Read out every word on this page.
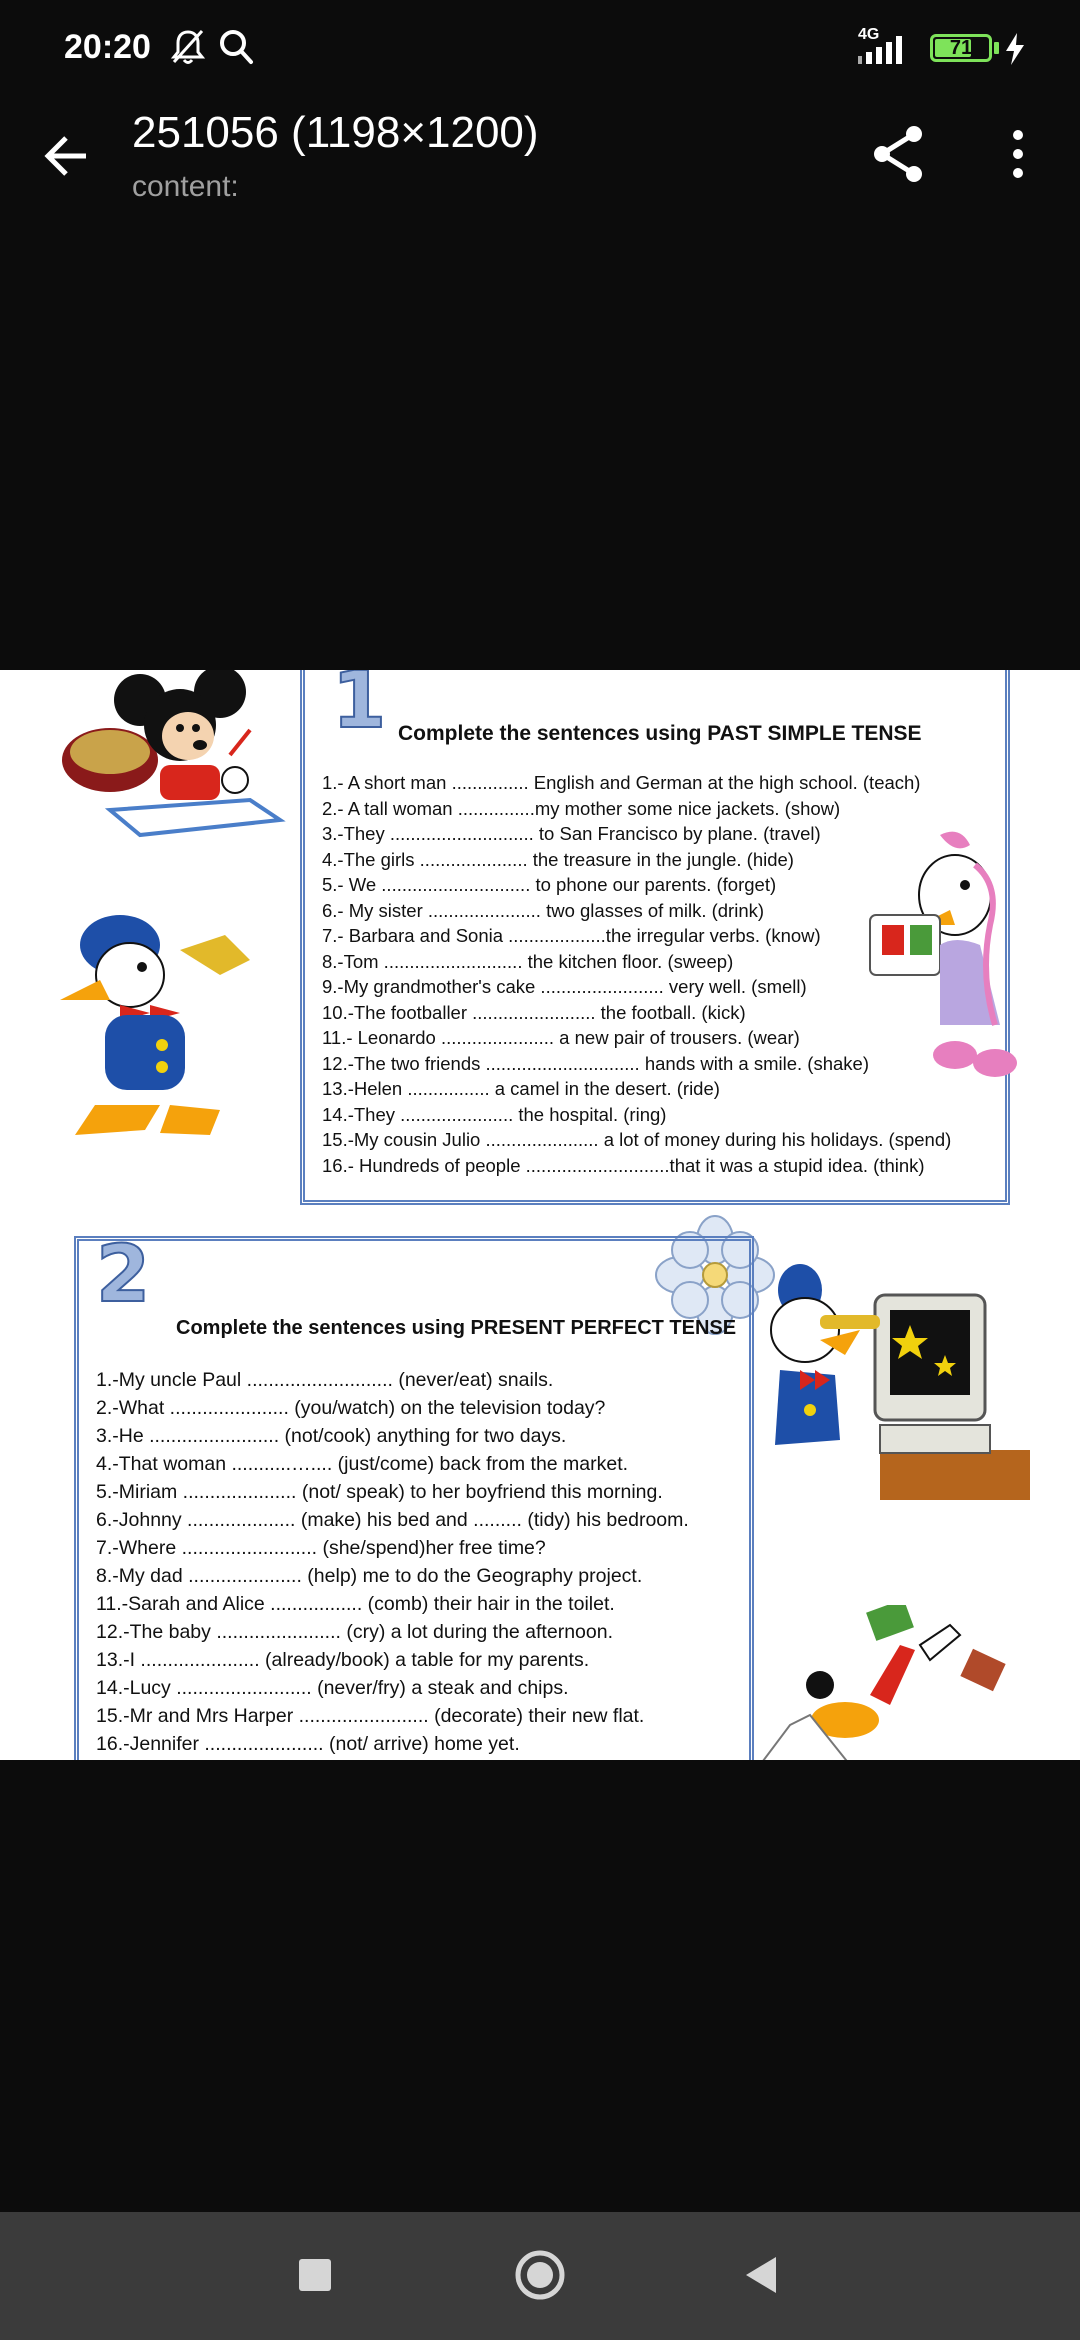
20:20	4G
71
251056 (1198×1200)
content:
1 Complete the sentences using PAST SIMPLE TENSE
1.- A short man ............... English and German at the high school. (teach)
2.- A tall woman ...............my mother some nice jackets. (show)
3.-They ............................ to San Francisco by plane. (travel)
4.-The girls ..................... the treasure in the jungle. (hide)
5.- We ............................. to phone our parents. (forget)
6.- My sister ...................... two glasses of milk. (drink)
7.- Barbara and Sonia ...................the irregular verbs. (know)
8.-Tom ........................... the kitchen floor. (sweep)
9.-My grandmother's cake ........................ very well. (smell)
10.-The footballer ........................ the football. (kick)
11.- Leonardo ...................... a new pair of trousers. (wear)
12.-The two friends .............................. hands with a smile. (shake)
13.-Helen ................ a camel in the desert. (ride)
14.-They ...................... the hospital. (ring)
15.-My cousin Julio ...................... a lot of money during his holidays. (spend)
16.- Hundreds of people ............................that it was a stupid idea. (think)
2
Complete the sentences using PRESENT PERFECT TENSE
1.-My uncle Paul ........................... (never/eat) snails.
2.-What ...................... (you/watch) on the television today?
3.-He ........................ (not/cook) anything for two days.
4.-That woman ...........….... (just/come) back from the market.
5.-Miriam ..................... (not/ speak) to her boyfriend this morning.
6.-Johnny .................... (make) his bed and ......... (tidy) his bedroom.
7.-Where ......................... (she/spend)her free time?
8.-My dad ..................... (help) me to do the Geography project.
11.-Sarah and Alice ................. (comb) their hair in the toilet.
12.-The baby ....................... (cry) a lot during the afternoon.
13.-I ...................... (already/book) a table for my parents.
14.-Lucy ......................... (never/fry) a steak and chips.
15.-Mr and Mrs Harper ........................ (decorate) their new flat.
16.-Jennifer ...................... (not/ arrive) home yet.
